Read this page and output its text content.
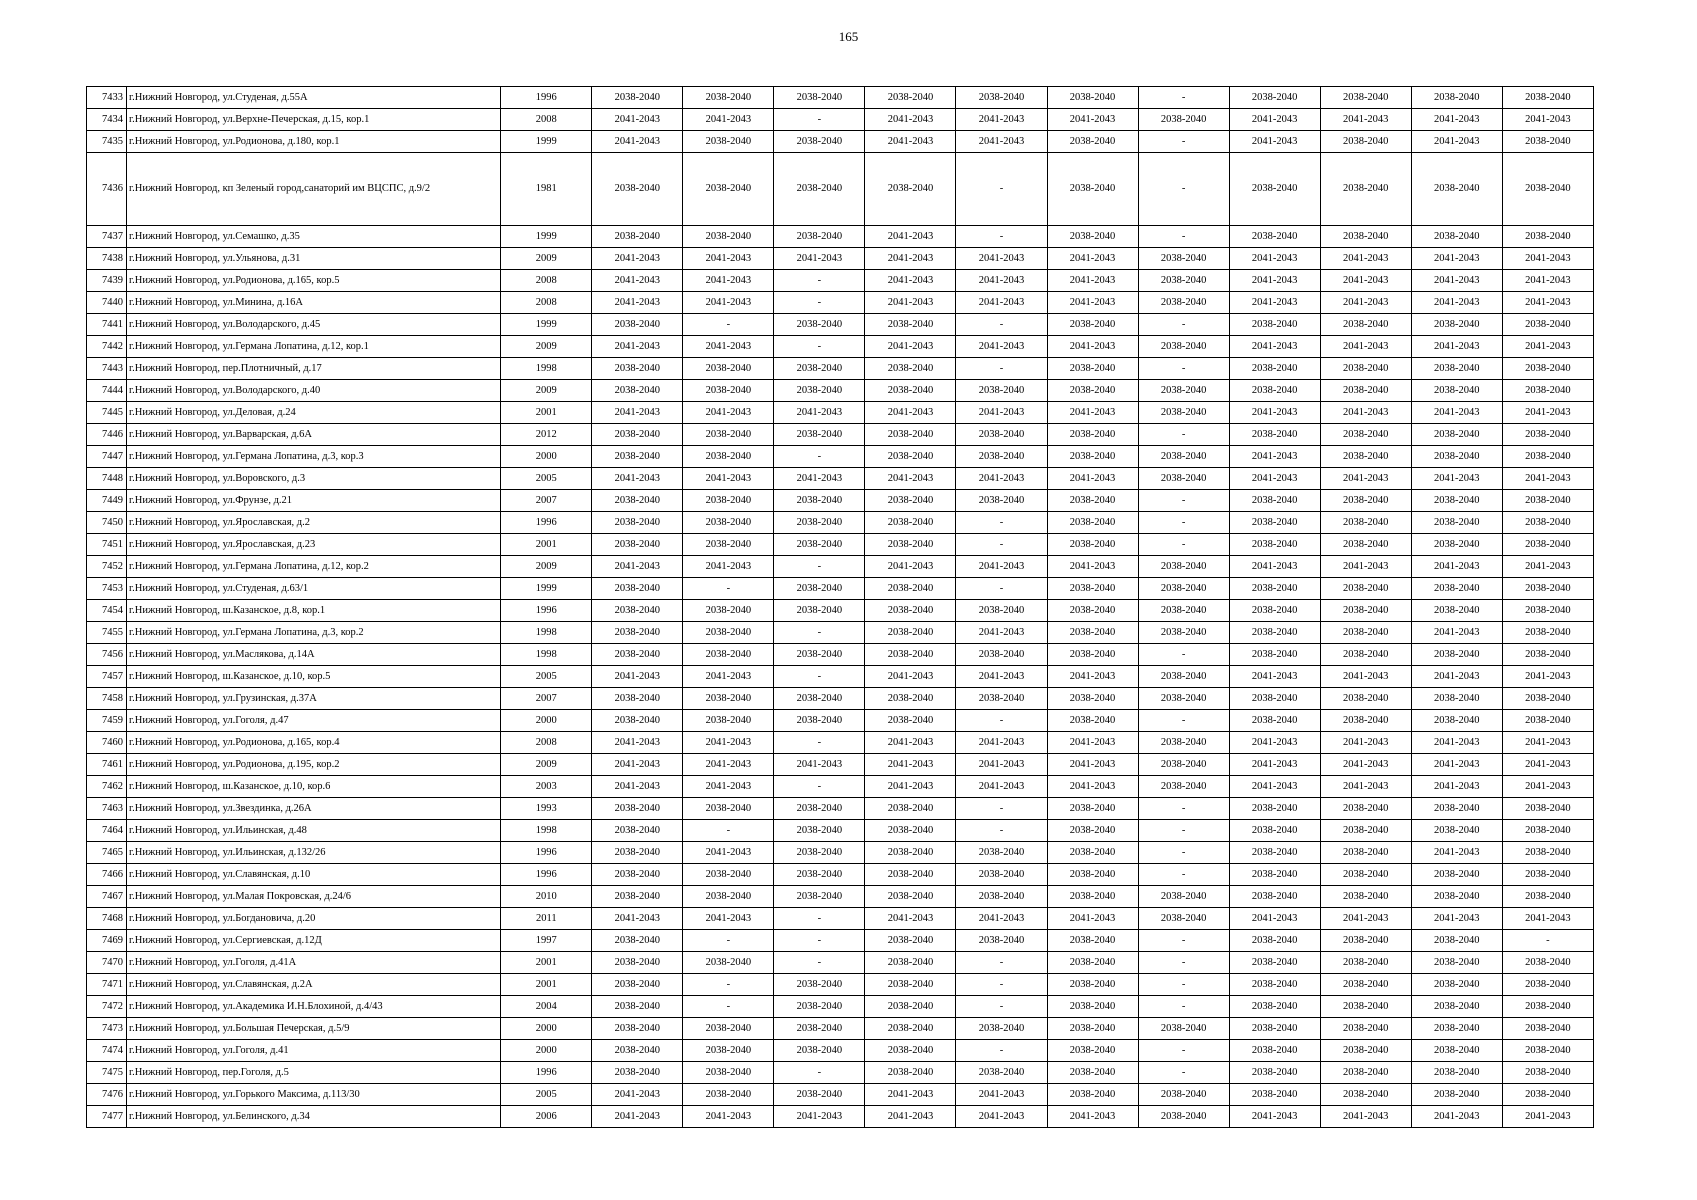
165
7433	г.Нижний Новгород, ул.Студеная, д.55А	1996	2038-2040	2038-2040	2038-2040	2038-2040	2038-2040	2038-2040	-	2038-2040	2038-2040	2038-2040	2038-2040
7434	г.Нижний Новгород, ул.Верхне-Печерская, д.15, кор.1	2008	2041-2043	2041-2043	-	2041-2043	2041-2043	2041-2043	2038-2040	2041-2043	2041-2043	2041-2043	2041-2043
7435	г.Нижний Новгород, ул.Родионова, д.180, кор.1	1999	2041-2043	2038-2040	2038-2040	2041-2043	2041-2043	2038-2040	-	2041-2043	2038-2040	2041-2043	2038-2040
7436	г.Нижний Новгород, кп Зеленый город,санаторий им ВЦСПС, д.9/2	1981	2038-2040	2038-2040	2038-2040	2038-2040	-	2038-2040	-	2038-2040	2038-2040	2038-2040	2038-2040
7437	г.Нижний Новгород, ул.Семашко, д.35	1999	2038-2040	2038-2040	2038-2040	2041-2043	-	2038-2040	-	2038-2040	2038-2040	2038-2040	2038-2040
7438	г.Нижний Новгород, ул.Ульянова, д.31	2009	2041-2043	2041-2043	2041-2043	2041-2043	2041-2043	2041-2043	2038-2040	2041-2043	2041-2043	2041-2043	2041-2043
7439	г.Нижний Новгород, ул.Родионова, д.165, кор.5	2008	2041-2043	2041-2043	-	2041-2043	2041-2043	2041-2043	2038-2040	2041-2043	2041-2043	2041-2043	2041-2043
7440	г.Нижний Новгород, ул.Минина, д.16А	2008	2041-2043	2041-2043	-	2041-2043	2041-2043	2041-2043	2038-2040	2041-2043	2041-2043	2041-2043	2041-2043
7441	г.Нижний Новгород, ул.Володарского, д.45	1999	2038-2040	-	2038-2040	2038-2040	-	2038-2040	-	2038-2040	2038-2040	2038-2040	2038-2040
7442	г.Нижний Новгород, ул.Германа Лопатина, д.12, кор.1	2009	2041-2043	2041-2043	-	2041-2043	2041-2043	2041-2043	2038-2040	2041-2043	2041-2043	2041-2043	2041-2043
7443	г.Нижний Новгород, пер.Плотничный, д.17	1998	2038-2040	2038-2040	2038-2040	2038-2040	-	2038-2040	-	2038-2040	2038-2040	2038-2040	2038-2040
7444	г.Нижний Новгород, ул.Володарского, д.40	2009	2038-2040	2038-2040	2038-2040	2038-2040	2038-2040	2038-2040	2038-2040	2038-2040	2038-2040	2038-2040	2038-2040
7445	г.Нижний Новгород, ул.Деловая, д.24	2001	2041-2043	2041-2043	2041-2043	2041-2043	2041-2043	2041-2043	2038-2040	2041-2043	2041-2043	2041-2043	2041-2043
7446	г.Нижний Новгород, ул.Варварская, д.6А	2012	2038-2040	2038-2040	2038-2040	2038-2040	2038-2040	2038-2040	-	2038-2040	2038-2040	2038-2040	2038-2040
7447	г.Нижний Новгород, ул.Германа Лопатина, д.3, кор.3	2000	2038-2040	2038-2040	-	2038-2040	2038-2040	2038-2040	2038-2040	2041-2043	2038-2040	2038-2040	2038-2040
7448	г.Нижний Новгород, ул.Воровского, д.3	2005	2041-2043	2041-2043	2041-2043	2041-2043	2041-2043	2041-2043	2038-2040	2041-2043	2041-2043	2041-2043	2041-2043
7449	г.Нижний Новгород, ул.Фрунзе, д.21	2007	2038-2040	2038-2040	2038-2040	2038-2040	2038-2040	2038-2040	-	2038-2040	2038-2040	2038-2040	2038-2040
7450	г.Нижний Новгород, ул.Ярославская, д.2	1996	2038-2040	2038-2040	2038-2040	2038-2040	-	2038-2040	-	2038-2040	2038-2040	2038-2040	2038-2040
7451	г.Нижний Новгород, ул.Ярославская, д.23	2001	2038-2040	2038-2040	2038-2040	2038-2040	-	2038-2040	-	2038-2040	2038-2040	2038-2040	2038-2040
7452	г.Нижний Новгород, ул.Германа Лопатина, д.12, кор.2	2009	2041-2043	2041-2043	-	2041-2043	2041-2043	2041-2043	2038-2040	2041-2043	2041-2043	2041-2043	2041-2043
7453	г.Нижний Новгород, ул.Студеная, д.63/1	1999	2038-2040	-	2038-2040	2038-2040	-	2038-2040	2038-2040	2038-2040	2038-2040	2038-2040	2038-2040
7454	г.Нижний Новгород, ш.Казанское, д.8, кор.1	1996	2038-2040	2038-2040	2038-2040	2038-2040	2038-2040	2038-2040	2038-2040	2038-2040	2038-2040	2038-2040	2038-2040
7455	г.Нижний Новгород, ул.Германа Лопатина, д.3, кор.2	1998	2038-2040	2038-2040	-	2038-2040	2041-2043	2038-2040	2038-2040	2038-2040	2038-2040	2041-2043	2038-2040
7456	г.Нижний Новгород, ул.Маслякова, д.14А	1998	2038-2040	2038-2040	2038-2040	2038-2040	2038-2040	2038-2040	-	2038-2040	2038-2040	2038-2040	2038-2040
7457	г.Нижний Новгород, ш.Казанское, д.10, кор.5	2005	2041-2043	2041-2043	-	2041-2043	2041-2043	2041-2043	2038-2040	2041-2043	2041-2043	2041-2043	2041-2043
7458	г.Нижний Новгород, ул.Грузинская, д.37А	2007	2038-2040	2038-2040	2038-2040	2038-2040	2038-2040	2038-2040	2038-2040	2038-2040	2038-2040	2038-2040	2038-2040
7459	г.Нижний Новгород, ул.Гоголя, д.47	2000	2038-2040	2038-2040	2038-2040	2038-2040	-	2038-2040	-	2038-2040	2038-2040	2038-2040	2038-2040
7460	г.Нижний Новгород, ул.Родионова, д.165, кор.4	2008	2041-2043	2041-2043	-	2041-2043	2041-2043	2041-2043	2038-2040	2041-2043	2041-2043	2041-2043	2041-2043
7461	г.Нижний Новгород, ул.Родионова, д.195, кор.2	2009	2041-2043	2041-2043	2041-2043	2041-2043	2041-2043	2041-2043	2038-2040	2041-2043	2041-2043	2041-2043	2041-2043
7462	г.Нижний Новгород, ш.Казанское, д.10, кор.6	2003	2041-2043	2041-2043	-	2041-2043	2041-2043	2041-2043	2038-2040	2041-2043	2041-2043	2041-2043	2041-2043
7463	г.Нижний Новгород, ул.Звездинка, д.26А	1993	2038-2040	2038-2040	2038-2040	2038-2040	-	2038-2040	-	2038-2040	2038-2040	2038-2040	2038-2040
7464	г.Нижний Новгород, ул.Ильинская, д.48	1998	2038-2040	-	2038-2040	2038-2040	-	2038-2040	-	2038-2040	2038-2040	2038-2040	2038-2040
7465	г.Нижний Новгород, ул.Ильинская, д.132/26	1996	2038-2040	2041-2043	2038-2040	2038-2040	2038-2040	2038-2040	-	2038-2040	2038-2040	2041-2043	2038-2040
7466	г.Нижний Новгород, ул.Славянская, д.10	1996	2038-2040	2038-2040	2038-2040	2038-2040	2038-2040	2038-2040	-	2038-2040	2038-2040	2038-2040	2038-2040
7467	г.Нижний Новгород, ул.Малая Покровская, д.24/6	2010	2038-2040	2038-2040	2038-2040	2038-2040	2038-2040	2038-2040	2038-2040	2038-2040	2038-2040	2038-2040	2038-2040
7468	г.Нижний Новгород, ул.Богдановича, д.20	2011	2041-2043	2041-2043	-	2041-2043	2041-2043	2041-2043	2038-2040	2041-2043	2041-2043	2041-2043	2041-2043
7469	г.Нижний Новгород, ул.Сергиевская, д.12Д	1997	2038-2040	-	-	2038-2040	2038-2040	2038-2040	-	2038-2040	2038-2040	2038-2040	-
7470	г.Нижний Новгород, ул.Гоголя, д.41А	2001	2038-2040	2038-2040	-	2038-2040	-	2038-2040	-	2038-2040	2038-2040	2038-2040	2038-2040
7471	г.Нижний Новгород, ул.Славянская, д.2А	2001	2038-2040	-	2038-2040	2038-2040	-	2038-2040	-	2038-2040	2038-2040	2038-2040	2038-2040
7472	г.Нижний Новгород, ул.Академика И.Н.Блохиной, д.4/43	2004	2038-2040	-	2038-2040	2038-2040	-	2038-2040	-	2038-2040	2038-2040	2038-2040	2038-2040
7473	г.Нижний Новгород, ул.Большая Печерская, д.5/9	2000	2038-2040	2038-2040	2038-2040	2038-2040	2038-2040	2038-2040	2038-2040	2038-2040	2038-2040	2038-2040	2038-2040
7474	г.Нижний Новгород, ул.Гоголя, д.41	2000	2038-2040	2038-2040	2038-2040	2038-2040	-	2038-2040	-	2038-2040	2038-2040	2038-2040	2038-2040
7475	г.Нижний Новгород, пер.Гоголя, д.5	1996	2038-2040	2038-2040	-	2038-2040	2038-2040	2038-2040	-	2038-2040	2038-2040	2038-2040	2038-2040
7476	г.Нижний Новгород, ул.Горького Максима, д.113/30	2005	2041-2043	2038-2040	2038-2040	2041-2043	2041-2043	2038-2040	2038-2040	2038-2040	2038-2040	2038-2040	2038-2040
7477	г.Нижний Новгород, ул.Белинского, д.34	2006	2041-2043	2041-2043	2041-2043	2041-2043	2041-2043	2041-2043	2038-2040	2041-2043	2041-2043	2041-2043	2041-2043
